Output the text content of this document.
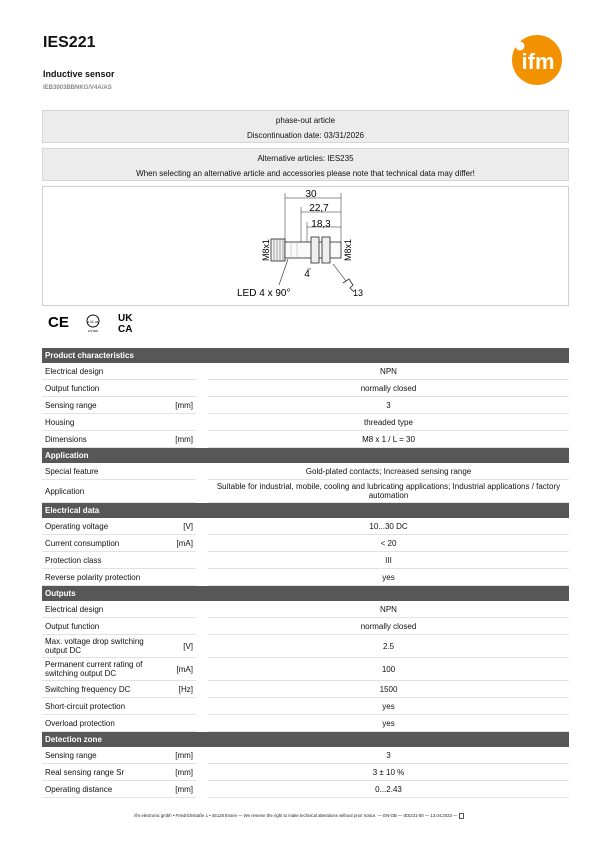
IES221
Inductive sensor
IEB3003BBNKG/V4A/AS
ifm
phase-out article
Discontinuation date: 03/31/2026
Alternative articles: IES235
When selecting an alternative article and accessories please note that technical data may differ!
30
22,7
18,3
M8x1	M8x1
4
LED 4 x 90°	13
CE	c UL us
LISTED
UK
CA
Product characteristics			
Electrical design			NPN
Output function			normally closed
Sensing range	[mm]		3
Housing			threaded type
Dimensions	[mm]		M8 x 1 / L = 30
Application			
Special feature			Gold-plated contacts; Increased sensing range
Application			Suitable for industrial, mobile, cooling and lubricating applications; Industrial applications / factory automation
Electrical data			
Operating voltage	[V]		10...30 DC
Current consumption	[mA]		< 20
Protection class			III
Reverse polarity protection			yes
Outputs			
Electrical design			NPN
Output function			normally closed
Max. voltage drop switching output DC	[V]		2.5
Permanent current rating of switching output DC	[mA]		100
Switching frequency DC	[Hz]		1500
Short-circuit protection			yes
Overload protection			yes
Detection zone			
Sensing range	[mm]		3
Real sensing range Sr	[mm]		3 ± 10 %
Operating distance	[mm]		0...2.43
ifm electronic gmbh • Friedrichstraße 1 • 45128 Essen — We reserve the right to make technical alterations without prior notice. — EN-GB — IES221-00 — 13.04.2023 —
